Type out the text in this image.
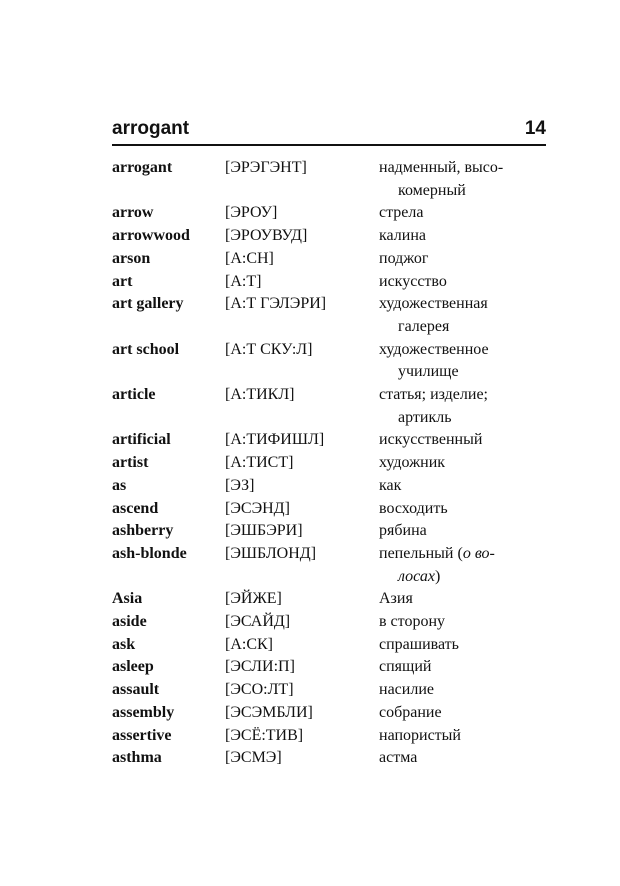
arrogant	14
arrogant	[ЭРЭГЭНТ]	надменный, высо-
комерный
arrow	[ЭРОУ]	стрела
arrowwood	[ЭРОУВУД]	калина
arson	[А:СН]	поджог
art	[А:Т]	искусство
art gallery	[А:Т ГЭЛЭРИ]	художественная
галерея
art school	[А:Т СКУ:Л]	художественное
училище
article	[А:ТИКЛ]	статья; изделие;
артикль
artificial	[А:ТИФИШЛ]	искусственный
artist	[А:ТИСТ]	художник
as	[ЭЗ]	как
ascend	[ЭСЭНД]	восходить
ashberry	[ЭШБЭРИ]	рябина
ash-blonde	[ЭШБЛОНД]	пепельный (о во-
лосах)
Asia	[ЭЙЖЕ]	Азия
aside	[ЭСАЙД]	в сторону
ask	[А:СК]	спрашивать
asleep	[ЭСЛИ:П]	спящий
assault	[ЭСО:ЛТ]	насилие
assembly	[ЭСЭМБЛИ]	собрание
assertive	[ЭСЁ:ТИВ]	напористый
asthma	[ЭСМЭ]	астма
